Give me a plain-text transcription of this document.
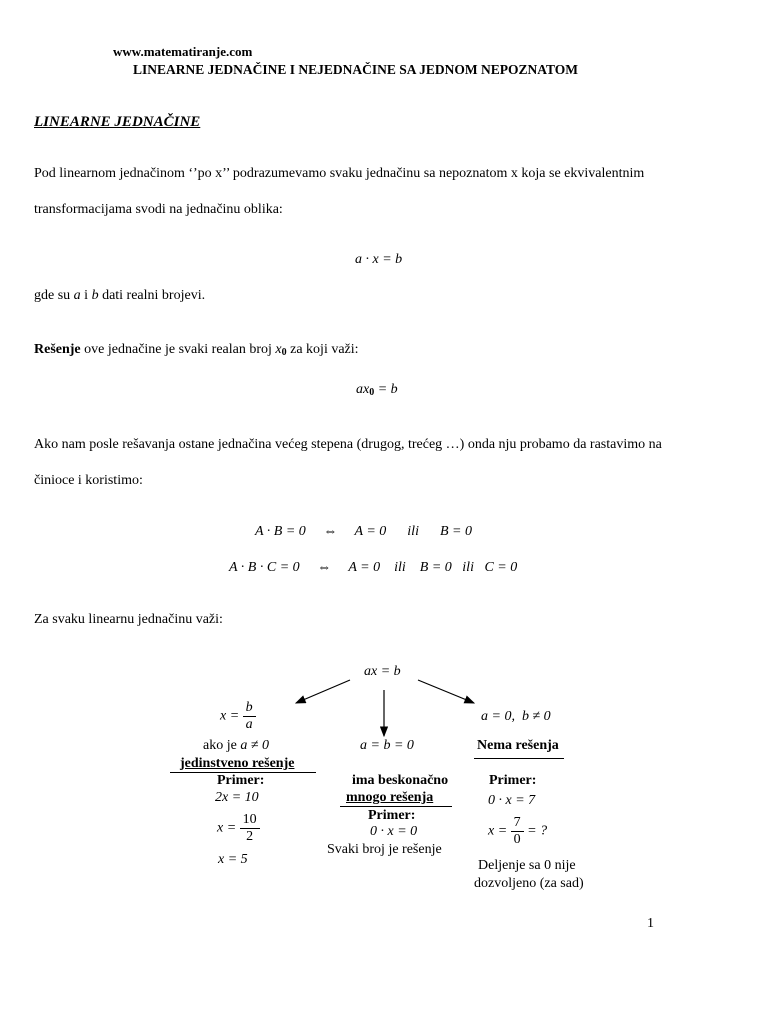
www.matematiranje.com
LINEARNE JEDNAČINE I NEJEDNAČINE SA JEDNOM NEPOZNATOM
LINEARNE JEDNAČINE
Pod linearnom jednačinom ‘’po x’’ podrazumevamo svaku jednačinu sa nepoznatom x koja se ekvivalentnim
transformacijama svodi na jednačinu oblika:
a · x = b
gde su a i b dati realni brojevi.
Rešenje ove jednačine je svaki realan broj $x_0$ za koji važi:
$ax_0 = b$
Ako nam posle rešavanja ostane jednačina većeg stepena (drugog, trećeg …) onda nju probamo da rastavimo na
činioce i koristimo:
A · B = 0     ⇔     A = 0      ili      B = 0
A · B · C = 0     ⇔     A = 0    ili    B = 0   ili   C = 0
Za svaku linearnu jednačinu važi:
ax = b
$x = \frac{b}{a}$
ako je a ≠ 0
jedinstveno rešenje
Primer:
2x = 10
$x = \frac{10}{2}$
x = 5
a = b = 0
ima beskonačno
mnogo rešenja
Primer:
0 · x = 0
Svaki broj je rešenje
a = 0,  b ≠ 0
Nema rešenja
Primer:
0 · x = 7
$x = \frac{7}{0}$ = ?
Deljenje sa 0 nije
dozvoljeno (za sad)
1
